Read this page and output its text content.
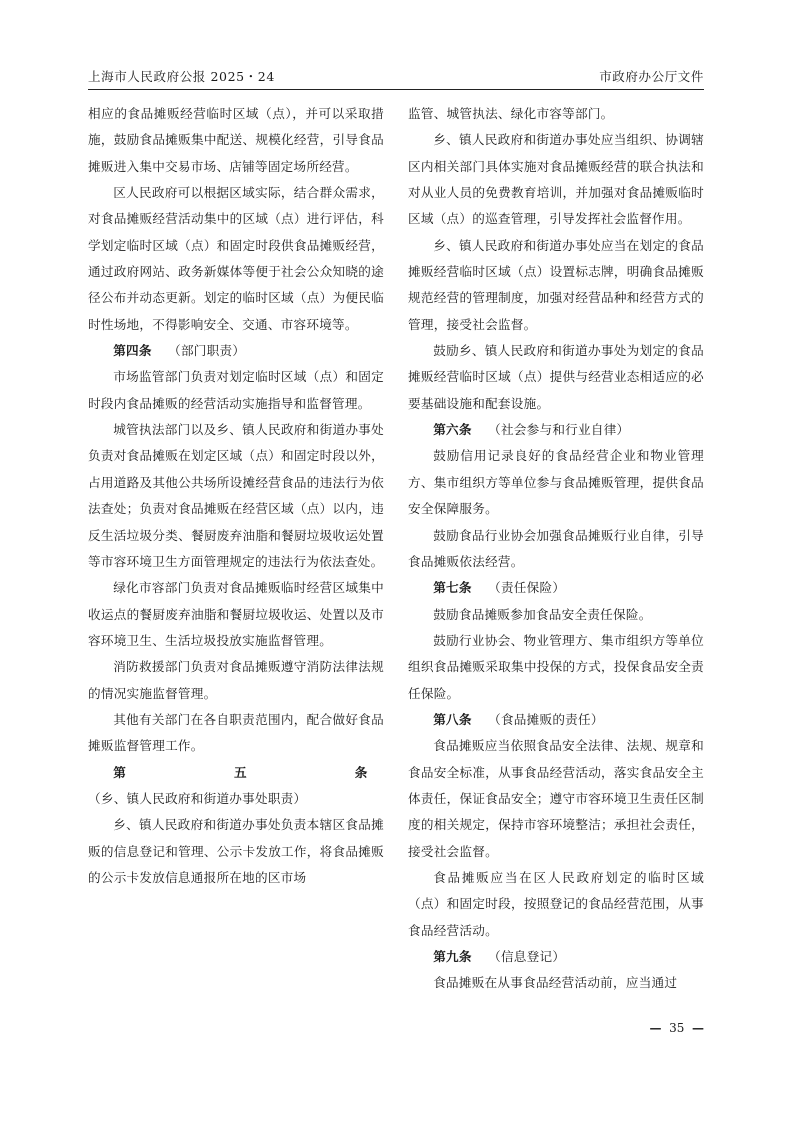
上海市人民政府公报 2025・24	市政府办公厅文件

相应的食品摊贩经营临时区域（点），并可以采取措施，鼓励食品摊贩集中配送、规模化经营，引导食品摊贩进入集中交易市场、店铺等固定场所经营。

区人民政府可以根据区域实际，结合群众需求，对食品摊贩经营活动集中的区域（点）进行评估，科学划定临时区域（点）和固定时段供食品摊贩经营，通过政府网站、政务新媒体等便于社会公众知晓的途径公布并动态更新。划定的临时区域（点）为便民临时性场地，不得影响安全、交通、市容环境等。

第四条 （部门职责）

市场监管部门负责对划定临时区域（点）和固定时段内食品摊贩的经营活动实施指导和监督管理。

城管执法部门以及乡、镇人民政府和街道办事处负责对食品摊贩在划定区域（点）和固定时段以外，占用道路及其他公共场所设摊经营食品的违法行为依法查处；负责对食品摊贩在经营区域（点）以内，违反生活垃圾分类、餐厨废弃油脂和餐厨垃圾收运处置等市容环境卫生方面管理规定的违法行为依法查处。

绿化市容部门负责对食品摊贩临时经营区域集中收运点的餐厨废弃油脂和餐厨垃圾收运、处置以及市容环境卫生、生活垃圾投放实施监督管理。

消防救援部门负责对食品摊贩遵守消防法律法规的情况实施监督管理。

其他有关部门在各自职责范围内，配合做好食品摊贩监督管理工作。

第五条（乡、镇人民政府和街道办事处职责）

乡、镇人民政府和街道办事处负责本辖区食品摊贩的信息登记和管理、公示卡发放工作，将食品摊贩的公示卡发放信息通报所在地的区市场

监管、城管执法、绿化市容等部门。

乡、镇人民政府和街道办事处应当组织、协调辖区内相关部门具体实施对食品摊贩经营的联合执法和对从业人员的免费教育培训，并加强对食品摊贩临时区域（点）的巡查管理，引导发挥社会监督作用。

乡、镇人民政府和街道办事处应当在划定的食品摊贩经营临时区域（点）设置标志牌，明确食品摊贩规范经营的管理制度，加强对经营品种和经营方式的管理，接受社会监督。

鼓励乡、镇人民政府和街道办事处为划定的食品摊贩经营临时区域（点）提供与经营业态相适应的必要基础设施和配套设施。

第六条 （社会参与和行业自律）

鼓励信用记录良好的食品经营企业和物业管理方、集市组织方等单位参与食品摊贩管理，提供食品安全保障服务。

鼓励食品行业协会加强食品摊贩行业自律，引导食品摊贩依法经营。

第七条 （责任保险）

鼓励食品摊贩参加食品安全责任保险。

鼓励行业协会、物业管理方、集市组织方等单位组织食品摊贩采取集中投保的方式，投保食品安全责任保险。

第八条 （食品摊贩的责任）

食品摊贩应当依照食品安全法律、法规、规章和食品安全标准，从事食品经营活动，落实食品安全主体责任，保证食品安全；遵守市容环境卫生责任区制度的相关规定，保持市容环境整洁；承担社会责任，接受社会监督。

食品摊贩应当在区人民政府划定的临时区域（点）和固定时段，按照登记的食品经营范围，从事食品经营活动。

第九条 （信息登记）

食品摊贩在从事食品经营活动前，应当通过

— 35 —
